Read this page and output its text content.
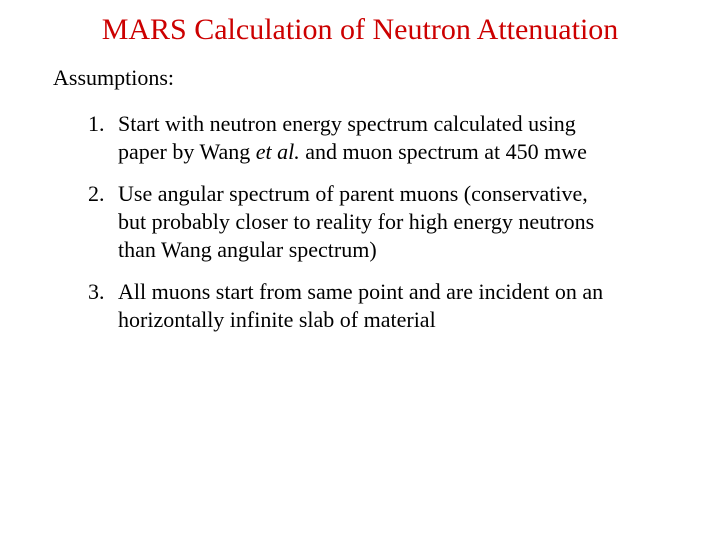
MARS Calculation of Neutron Attenuation
Assumptions:
1. Start with neutron energy spectrum calculated using
paper by Wang et al. and muon spectrum at 450 mwe
2. Use angular spectrum of parent muons (conservative,
but probably closer to reality for high energy neutrons
than Wang angular spectrum)
3. All muons start from same point and are incident on an
horizontally infinite slab of material
